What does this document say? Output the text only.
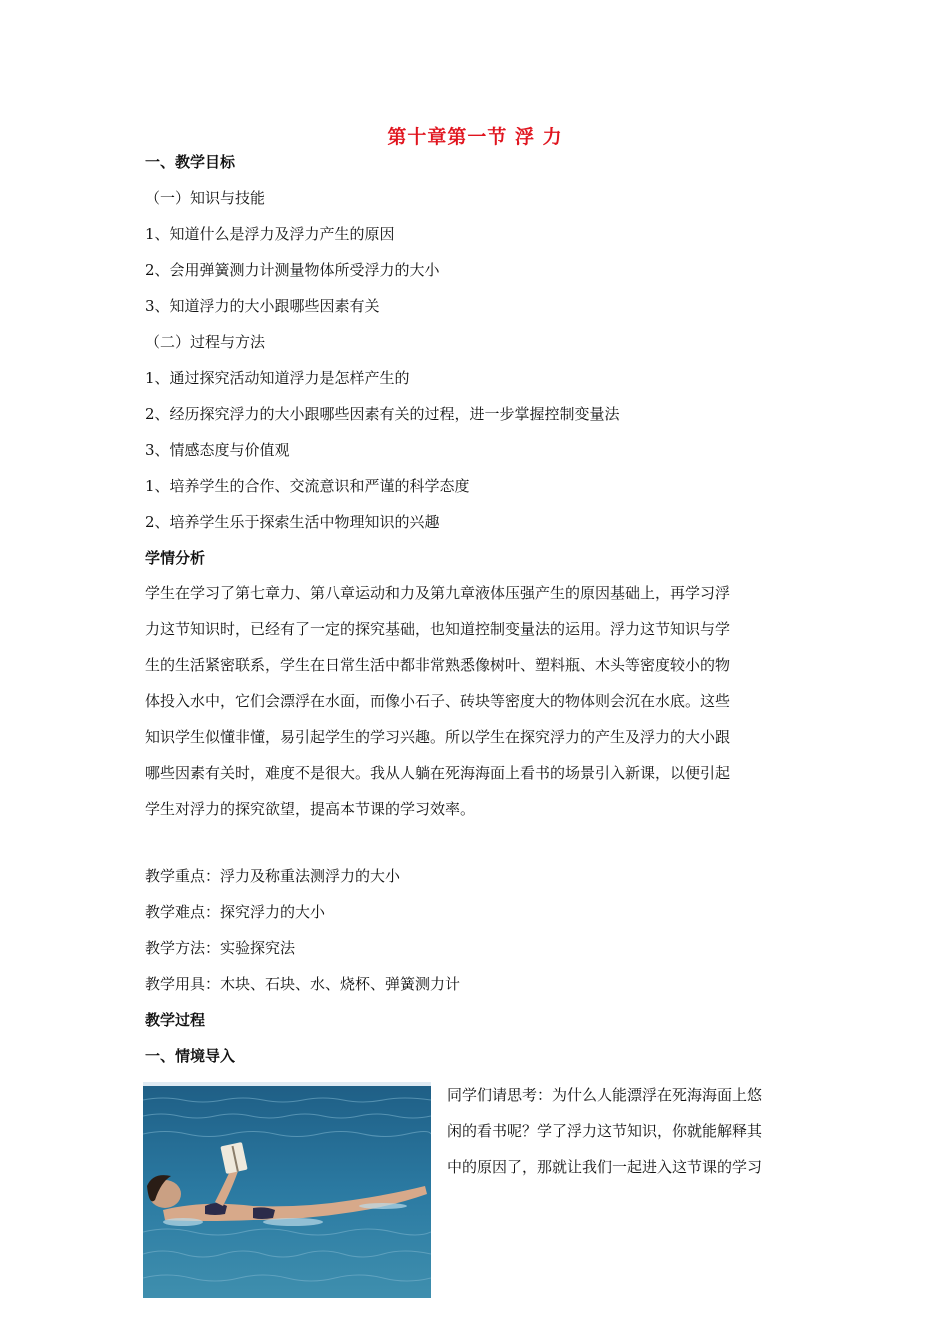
第十章第一节 浮 力
一、教学目标
（一）知识与技能
1、知道什么是浮力及浮力产生的原因
2、会用弹簧测力计测量物体所受浮力的大小
3、知道浮力的大小跟哪些因素有关
（二）过程与方法
1、通过探究活动知道浮力是怎样产生的
2、经历探究浮力的大小跟哪些因素有关的过程，进一步掌握控制变量法
3、情感态度与价值观
1、培养学生的合作、交流意识和严谨的科学态度
2、培养学生乐于探索生活中物理知识的兴趣
学情分析
学生在学习了第七章力、第八章运动和力及第九章液体压强产生的原因基础上，再学习浮
力这节知识时，已经有了一定的探究基础，也知道控制变量法的运用。浮力这节知识与学
生的生活紧密联系，学生在日常生活中都非常熟悉像树叶、塑料瓶、木头等密度较小的物
体投入水中，它们会漂浮在水面，而像小石子、砖块等密度大的物体则会沉在水底。这些
知识学生似懂非懂，易引起学生的学习兴趣。所以学生在探究浮力的产生及浮力的大小跟
哪些因素有关时，难度不是很大。我从人躺在死海海面上看书的场景引入新课，以便引起
学生对浮力的探究欲望，提高本节课的学习效率。
教学重点：浮力及称重法测浮力的大小
教学难点：探究浮力的大小
教学方法：实验探究法
教学用具：木块、石块、水、烧杯、弹簧测力计
教学过程
一、情境导入
同学们请思考：为什么人能漂浮在死海海面上悠
闲的看书呢？学了浮力这节知识，你就能解释其
中的原因了，那就让我们一起进入这节课的学习
